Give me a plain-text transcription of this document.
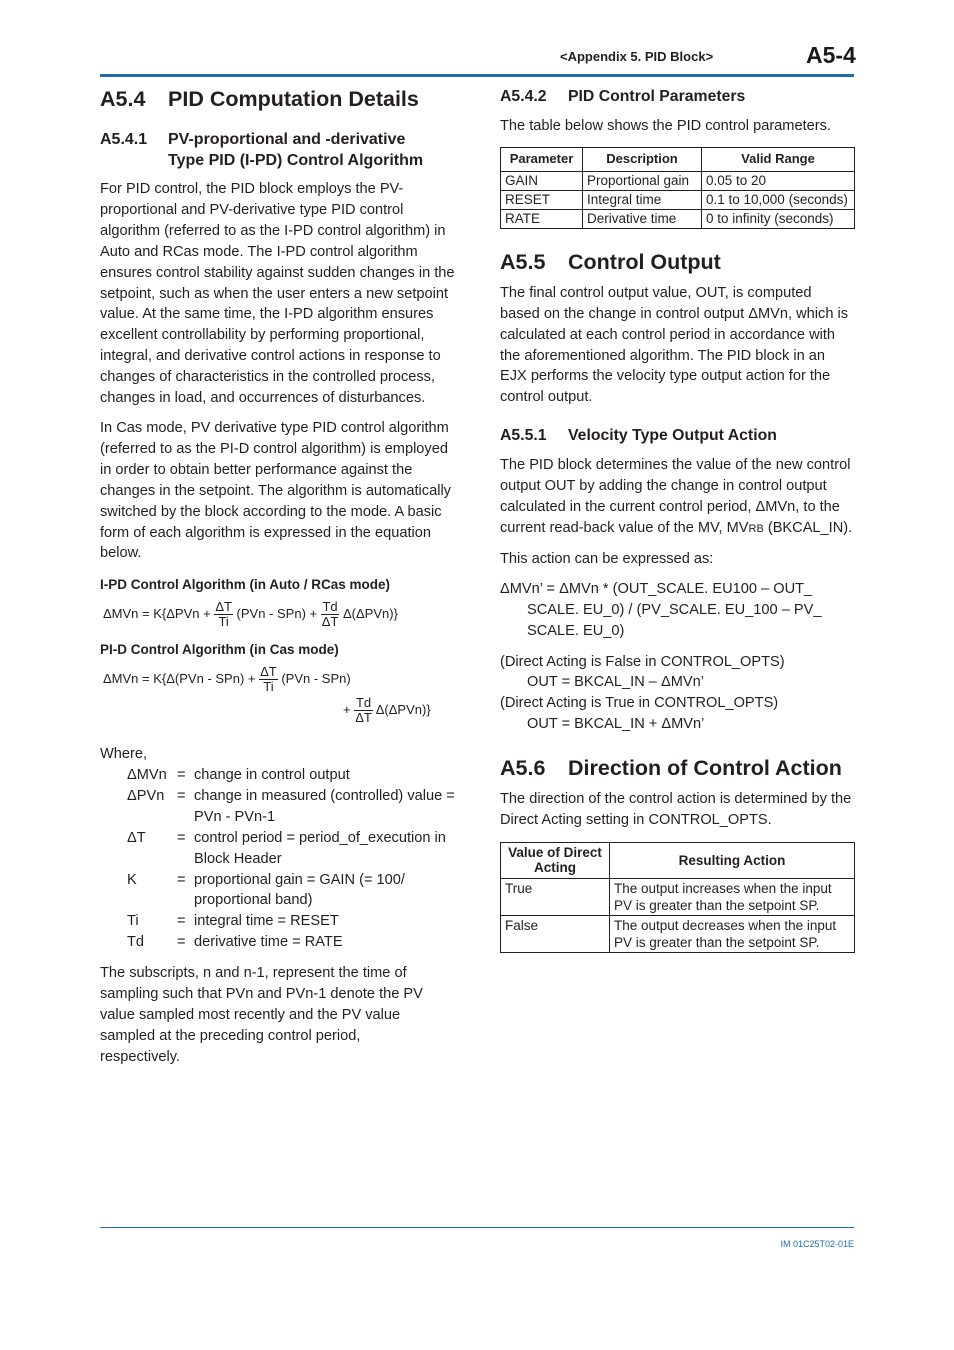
<Appendix 5. PID Block>	A5-4
A5.4 PID Computation Details
A5.4.1	PV-proportional and -derivative
Type PID (I-PD) Control Algorithm

For PID control, the PID block employs the PV-proportional and PV-derivative type PID control algorithm (referred to as the I-PD control algorithm) in Auto and RCas mode. The I-PD control algorithm ensures control stability against sudden changes in the setpoint, such as when the user enters a new setpoint value. At the same time, the I-PD algorithm ensures excellent controllability by performing proportional, integral, and derivative control actions in response to changes of characteristics in the controlled process, changes in load, and occurrences of disturbances.

In Cas mode, PV derivative type PID control algorithm (referred to as the PI-D control algorithm) is employed in order to obtain better performance against the changes in the setpoint. The algorithm is automatically switched by the block according to the mode. A basic form of each algorithm is expressed in the equation below.

I-PD Control Algorithm (in Auto / RCas mode)
$\Delta MVn = K\{\Delta PVn + \frac{\Delta T}{Ti} (PVn - SPn) + \frac{Td}{\Delta T} \Delta(\Delta PVn)\}$
PI-D Control Algorithm (in Cas mode)
$\Delta MVn = K\{\Delta(PVn - SPn) + \frac{\Delta T}{Ti} (PVn - SPn)$
+ $\frac{Td}{\Delta T} \Delta(\Delta PVn)$}

Where,

ΔMVn = change in control output
ΔPVn = change in measured (controlled) value = PVn - PVn-1
ΔT	= control period = period_of_execution in Block Header
K	= proportional gain = GAIN (= 100/ proportional band)
Ti	= integral time = RESET
Td	= derivative time = RATE

The subscripts, n and n-1, represent the time of sampling such that PVn and PVn-1 denote the PV value sampled most recently and the PV value sampled at the preceding control period, respectively.

A5.4.2 PID Control Parameters

The table below shows the PID control parameters.

Parameter	Description	Valid Range
GAIN	Proportional gain	0.05 to 20
RESET	Integral time	0.1 to 10,000 (seconds)
RATE	Derivative time	0 to infinity (seconds)
A5.5 Control Output

The final control output value, OUT, is computed based on the change in control output ΔMVn, which is calculated at each control period in accordance with the aforementioned algorithm. The PID block in an EJX performs the velocity type output action for the control output.

A5.5.1 Velocity Type Output Action

The PID block determines the value of the new control output OUT by adding the change in control output calculated in the current control period, ΔMVn, to the current read-back value of the MV, MVRB (BKCAL_IN).

This action can be expressed as:

ΔMVn’ = ΔMVn * (OUT_SCALE. EU100 – OUT_
SCALE. EU_0) / (PV_SCALE. EU_100 – PV_
SCALE. EU_0)
(Direct Acting is False in CONTROL_OPTS)
OUT = BKCAL_IN – ΔMVn’
(Direct Acting is True in CONTROL_OPTS)
OUT = BKCAL_IN + ΔMVn’
A5.6 Direction of Control Action

The direction of the control action is determined by the Direct Acting setting in CONTROL_OPTS.

Value of Direct Acting	Resulting Action
True	The output increases when the input PV is greater than the setpoint SP.
False	The output decreases when the input PV is greater than the setpoint SP.
IM 01C25T02-01E
